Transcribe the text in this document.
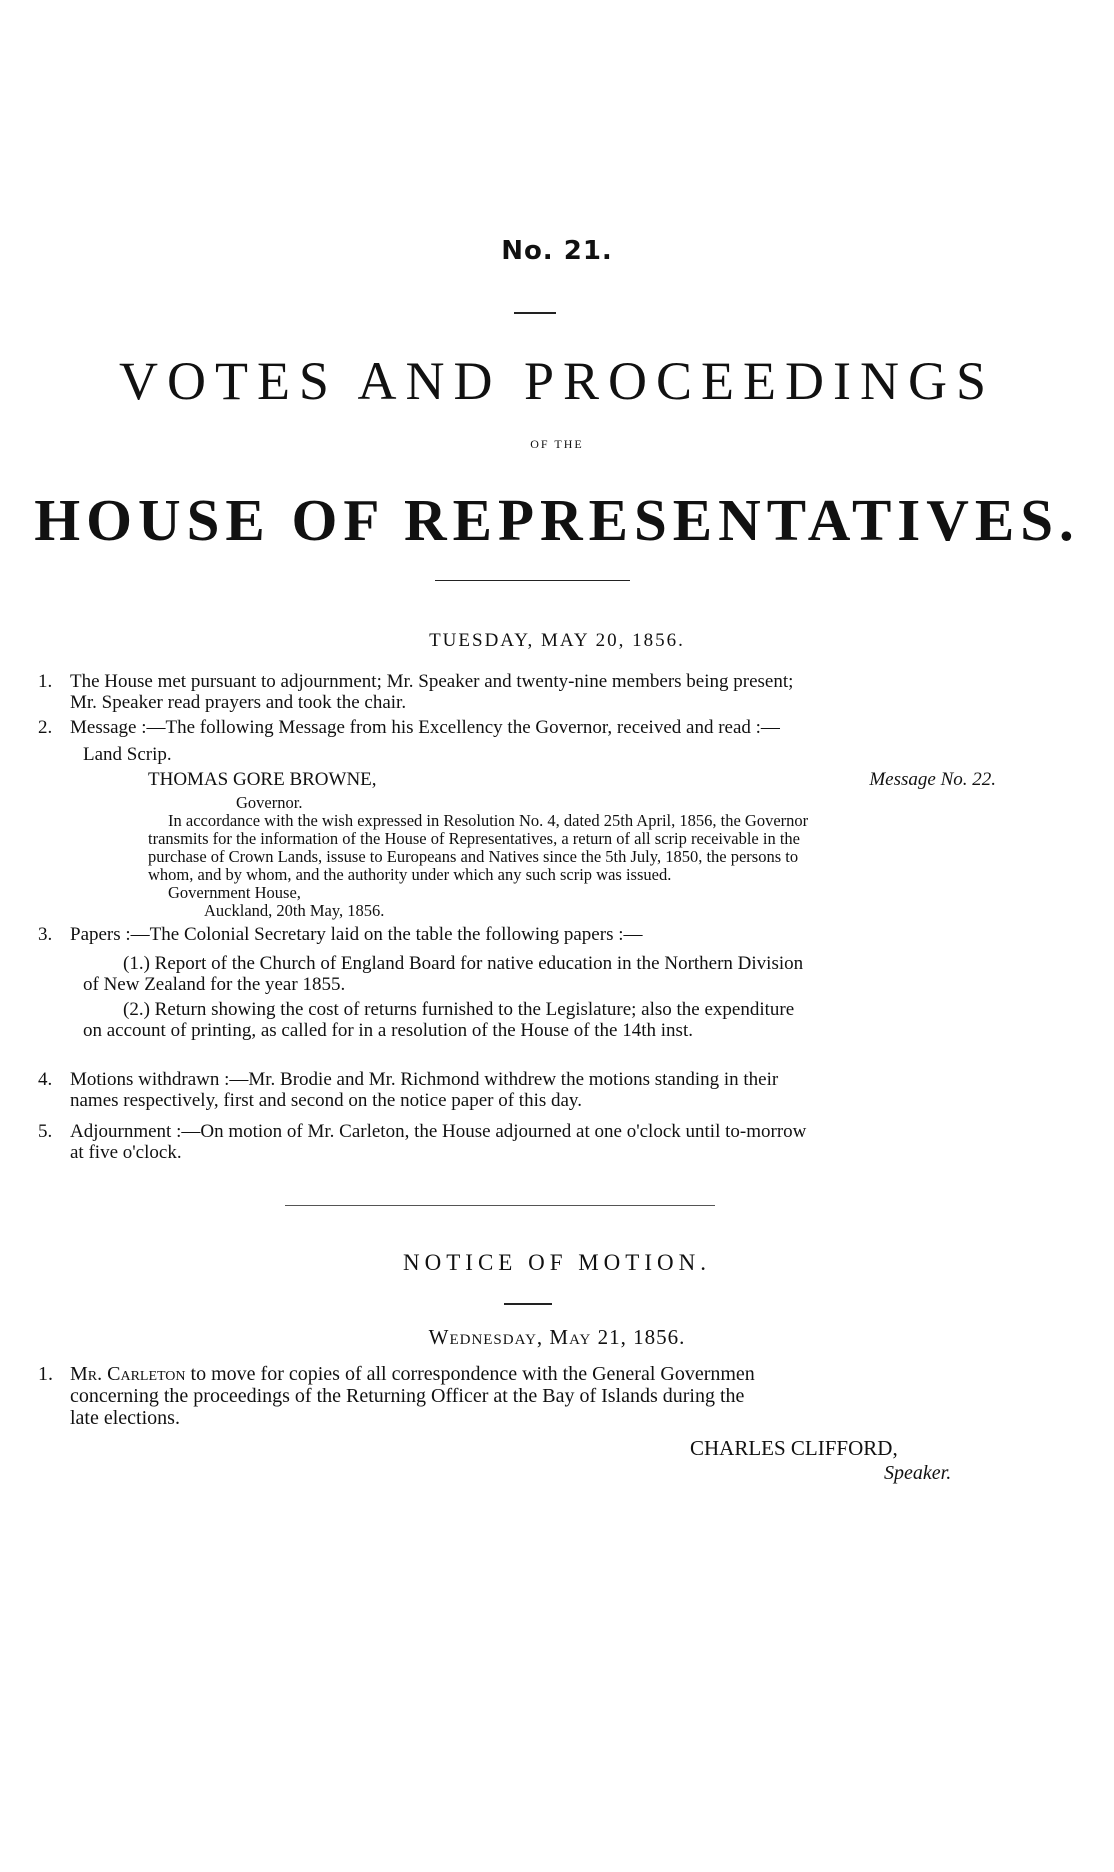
No. 21.
VOTES AND PROCEEDINGS
OF THE
HOUSE OF REPRESENTATIVES.
TUESDAY, MAY 20, 1856.
1. The House met pursuant to adjournment; Mr. Speaker and twenty-nine members being present;
Mr. Speaker read prayers and took the chair.
2. Message :—The following Message from his Excellency the Governor, received and read :—
Land Scrip.
THOMAS GORE BROWNE,	Message No. 22.
Governor.
In accordance with the wish expressed in Resolution No. 4, dated 25th April, 1856, the Governor
transmits for the information of the House of Representatives, a return of all scrip receivable in the
purchase of Crown Lands, issuse to Europeans and Natives since the 5th July, 1850, the persons to
whom, and by whom, and the authority under which any such scrip was issued.
Government House,
Auckland, 20th May, 1856.
3. Papers :—The Colonial Secretary laid on the table the following papers :—
(1.) Report of the Church of England Board for native education in the Northern Division
of New Zealand for the year 1855.
(2.) Return showing the cost of returns furnished to the Legislature; also the expenditure
on account of printing, as called for in a resolution of the House of the 14th inst.
4. Motions withdrawn :—Mr. Brodie and Mr. Richmond withdrew the motions standing in their
names respectively, first and second on the notice paper of this day.
5. Adjournment :—On motion of Mr. Carleton, the House adjourned at one o'clock until to-morrow
at five o'clock.
NOTICE OF MOTION.
Wednesday, May 21, 1856.
1. Mr. Carleton to move for copies of all correspondence with the General Governmen
concerning the proceedings of the Returning Officer at the Bay of Islands during the
late elections.
CHARLES CLIFFORD,
Speaker.
